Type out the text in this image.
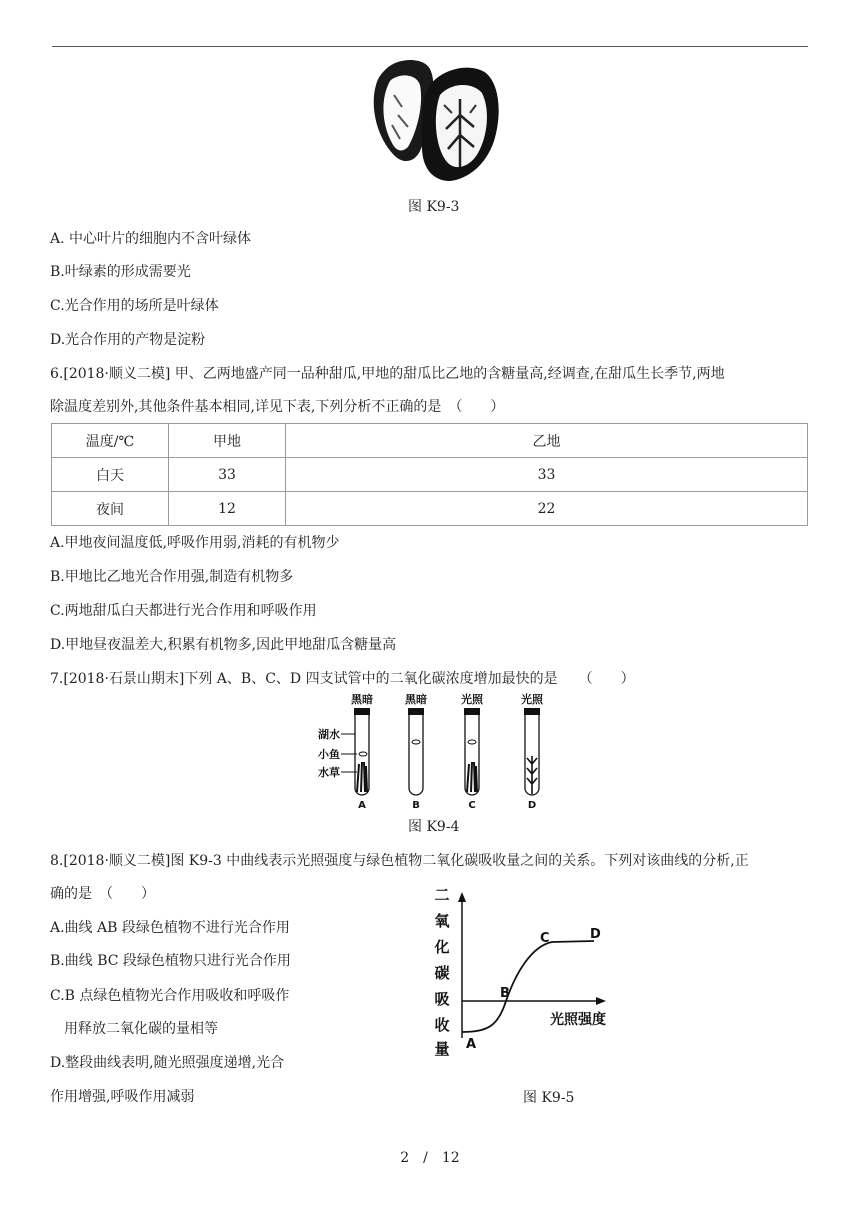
图 K9-3
A. 中心叶片的细胞内不含叶绿体
B.叶绿素的形成需要光
C.光合作用的场所是叶绿体
D.光合作用的产物是淀粉
6.[2018·顺义二模] 甲、乙两地盛产同一品种甜瓜,甲地的甜瓜比乙地的含糖量高,经调查,在甜瓜生长季节,两地
除温度差别外,其他条件基本相同,详见下表,下列分析不正确的是　（　　）
温度/℃	甲地	乙地
白天	33	33
夜间	12	22
A.甲地夜间温度低,呼吸作用弱,消耗的有机物少
B.甲地比乙地光合作用强,制造有机物多
C.两地甜瓜白天都进行光合作用和呼吸作用
D.甲地昼夜温差大,积累有机物多,因此甲地甜瓜含糖量高
7.[2018·石景山期末]下列 A、B、C、D 四支试管中的二氧化碳浓度增加最快的是　　（　　）
黑暗	黑暗	光照	光照
湖水
小鱼
水草
A	B	C	D
图 K9-4
8.[2018·顺义二模]图 K9-3 中曲线表示光照强度与绿色植物二氧化碳吸收量之间的关系。下列对该曲线的分析,正
确的是　（　　）
A.曲线 AB 段绿色植物不进行光合作用
B.曲线 BC 段绿色植物只进行光合作用
C.B 点绿色植物光合作用吸收和呼吸作
　用释放二氧化碳的量相等
D.整段曲线表明,随光照强度递增,光合
作用增强,呼吸作用减弱
二
氧
化
碳
吸
收
量 A
B
C	D
光照强度
图 K9-5
2　/　12
